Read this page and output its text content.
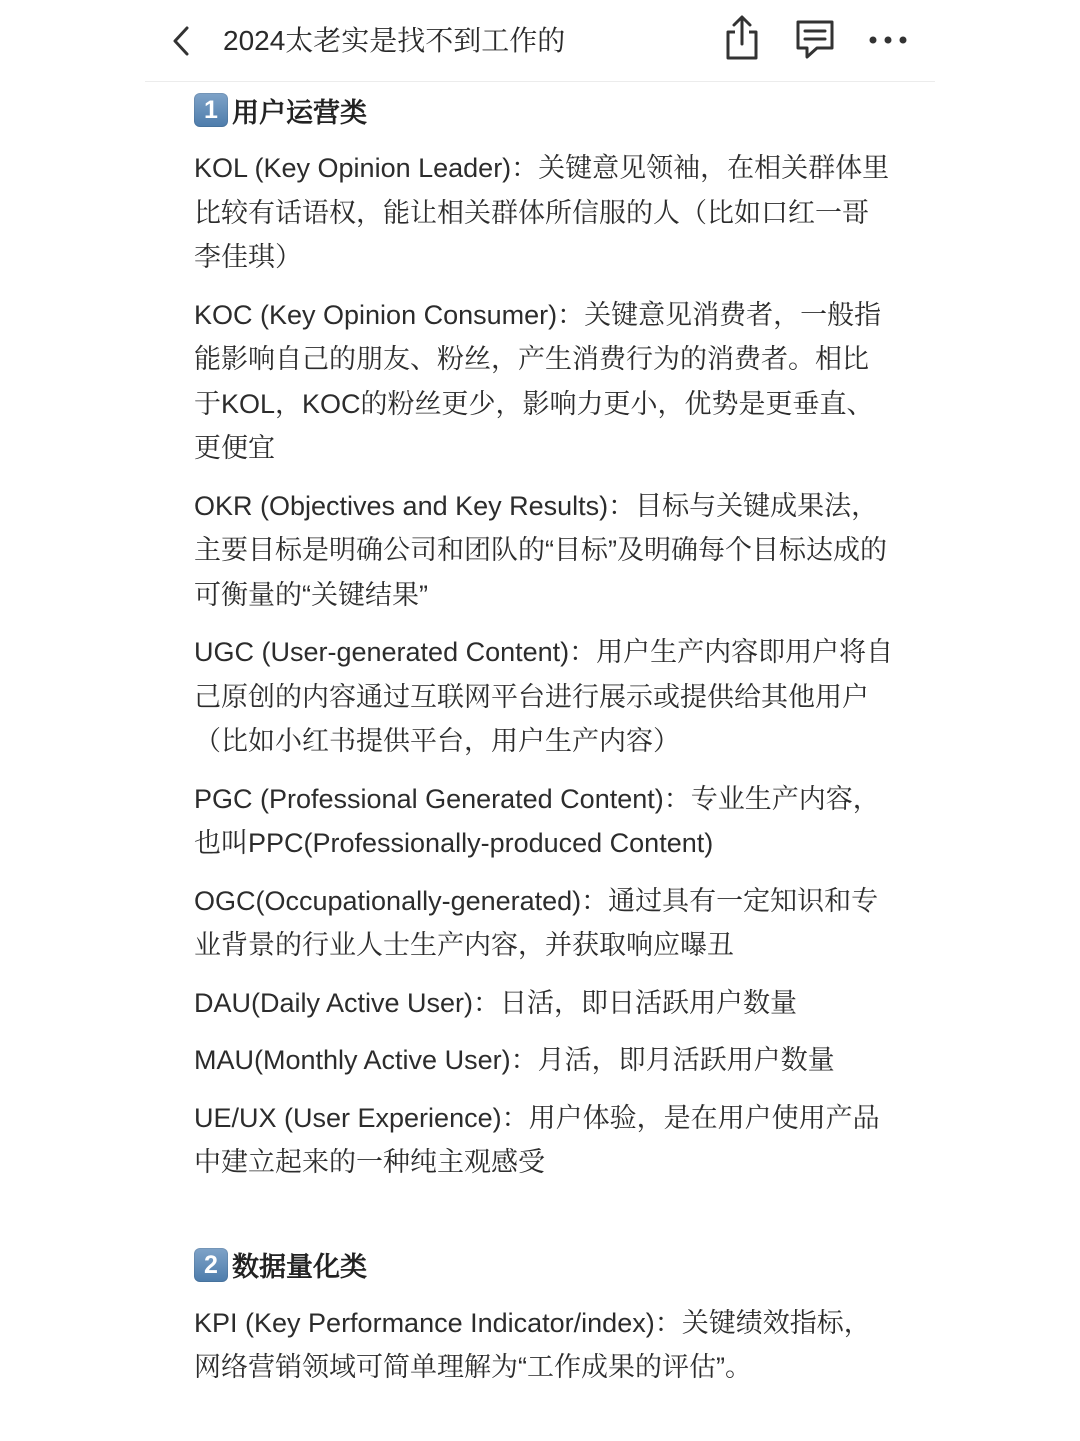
2024太老实是找不到工作的
1 用户运营类

KOL (Key Opinion Leader)：关键意见领袖，在相关群体里比较有话语权，能让相关群体所信服的人（比如口红一哥李佳琪）

KOC (Key Opinion Consumer)：关键意见消费者，一般指能影响自己的朋友、粉丝，产生消费行为的消费者。相比于KOL，KOC的粉丝更少，影响力更小，优势是更垂直、更便宜

OKR (Objectives and Key Results)：目标与关键成果法，主要目标是明确公司和团队的“目标”及明确每个目标达成的可衡量的“关键结果”

UGC (User-generated Content)：用户生产内容即用户将自己原创的内容通过互联网平台进行展示或提供给其他用户（比如小红书提供平台，用户生产内容）

PGC (Professional Generated Content)：专业生产内容，也叫PPC(Professionally-produced Content)

OGC(Occupationally-generated)：通过具有一定知识和专业背景的行业人士生产内容，并获取响应曝丑

DAU(Daily Active User)：日活，即日活跃用户数量

MAU(Monthly Active User)：月活，即月活跃用户数量

UE/UX (User Experience)：用户体验，是在用户使用产品中建立起来的一种纯主观感受

2 数据量化类

KPI (Key Performance Indicator/index)：关键绩效指标，网络营销领域可简单理解为“工作成果的评估”。
